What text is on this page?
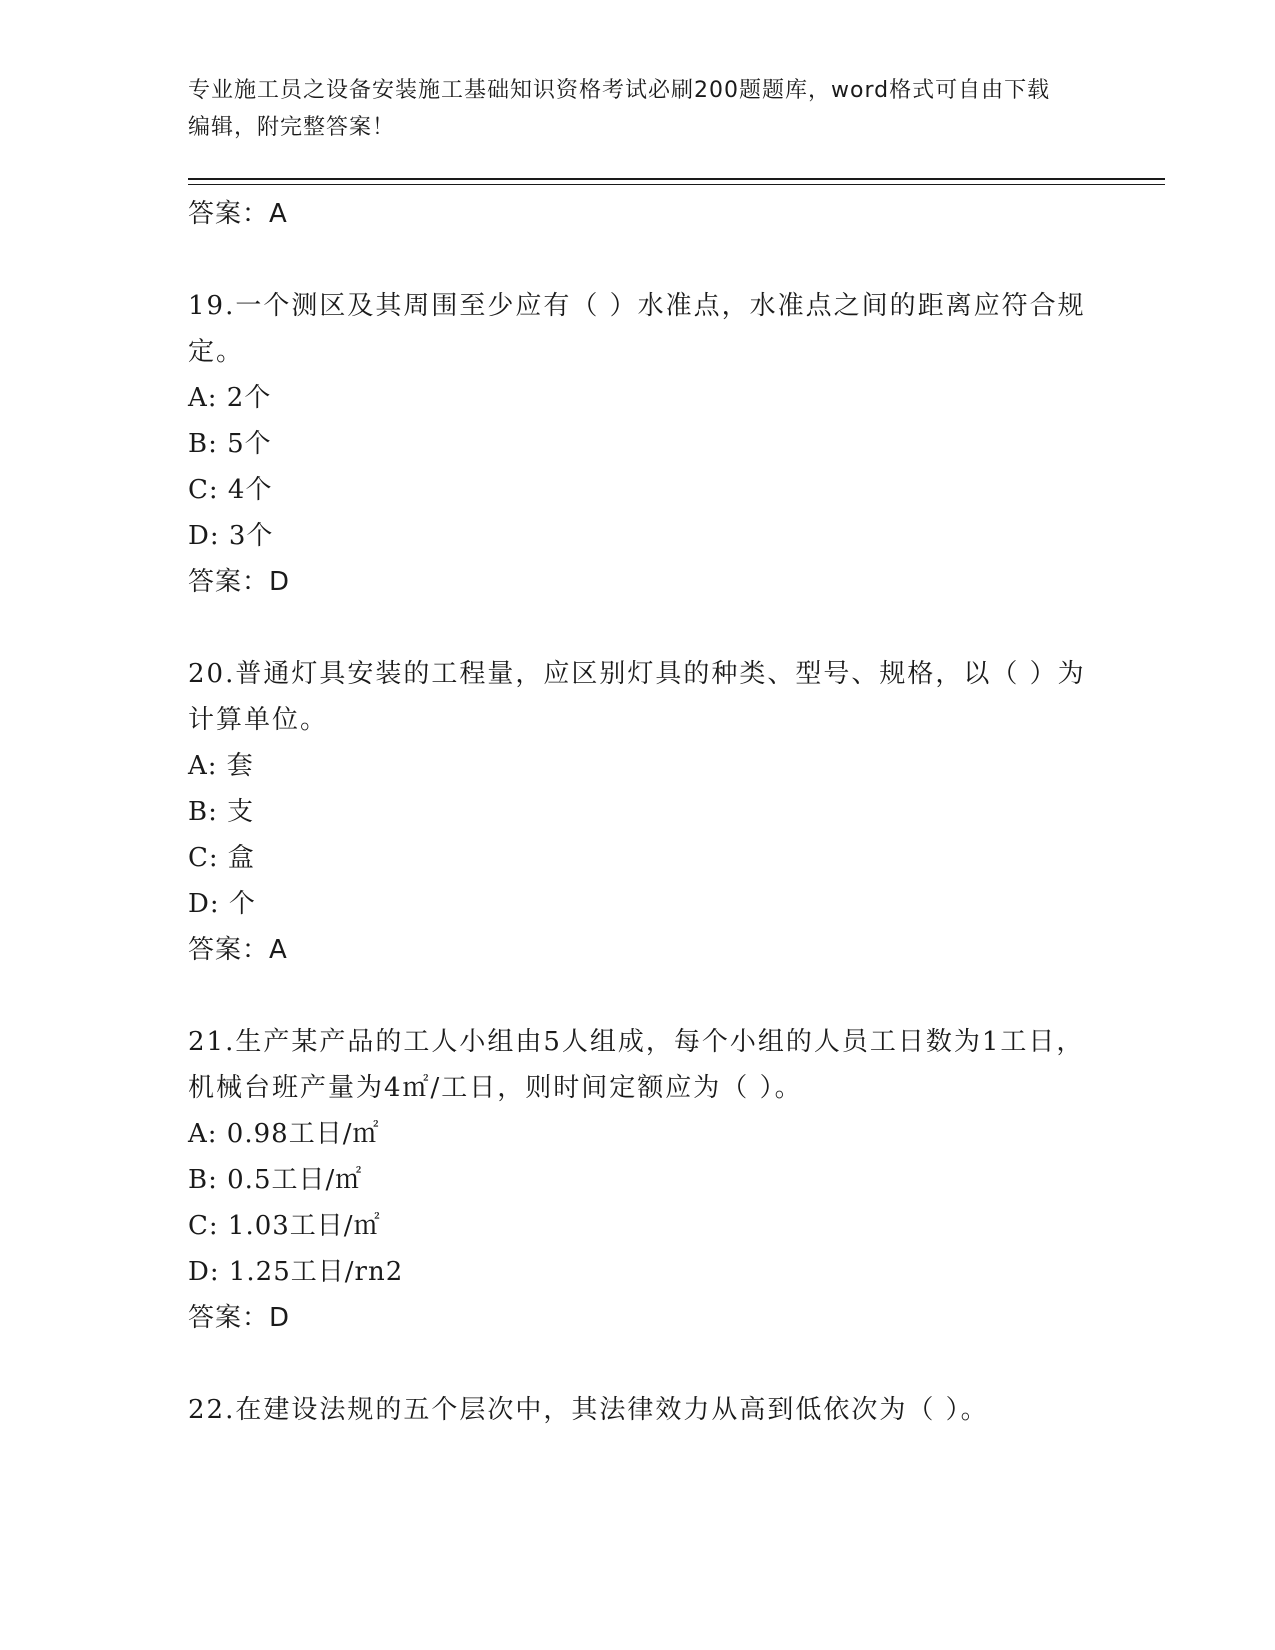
专业施工员之设备安装施工基础知识资格考试必刷200题题库，word格式可自由下载编辑，附完整答案！
答案：A
19.一个测区及其周围至少应有（ ）水准点，水准点之间的距离应符合规定。
A: 2个
B: 5个
C: 4个
D: 3个
答案：D
20.普通灯具安装的工程量，应区别灯具的种类、型号、规格，以（ ）为计算单位。
A: 套
B: 支
C: 盒
D: 个
答案：A
21.生产某产品的工人小组由5人组成，每个小组的人员工日数为1工日，机械台班产量为4㎡/工日，则时间定额应为（ ）。
A: 0.98工日/㎡
B: 0.5工日/㎡
C: 1.03工日/㎡
D: 1.25工日/rn2
答案：D
22.在建设法规的五个层次中，其法律效力从高到低依次为（ ）。
